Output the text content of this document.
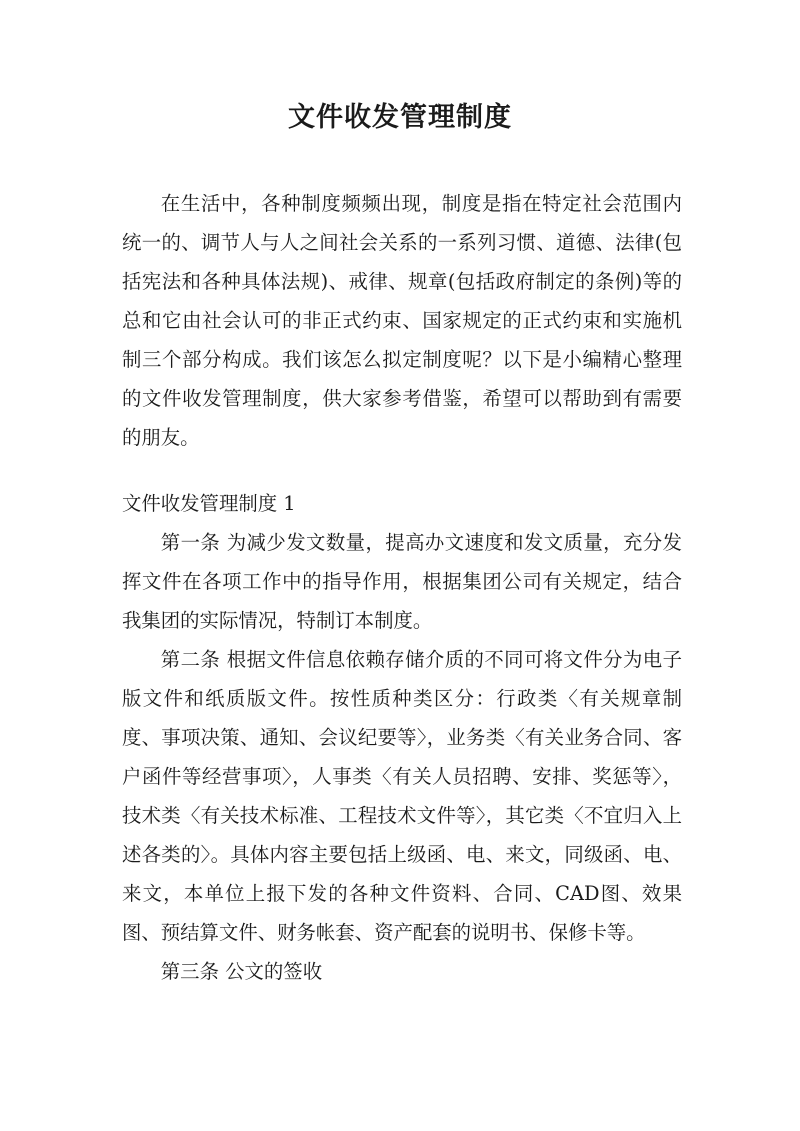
文件收发管理制度

在生活中，各种制度频频出现，制度是指在特定社会范围内统一的、调节人与人之间社会关系的一系列习惯、道德、法律(包括宪法和各种具体法规)、戒律、规章(包括政府制定的条例)等的总和它由社会认可的非正式约束、国家规定的正式约束和实施机制三个部分构成。我们该怎么拟定制度呢？以下是小编精心整理的文件收发管理制度，供大家参考借鉴，希望可以帮助到有需要的朋友。

文件收发管理制度 1

第一条 为减少发文数量，提高办文速度和发文质量，充分发挥文件在各项工作中的指导作用，根据集团公司有关规定，结合我集团的实际情况，特制订本制度。

第二条 根据文件信息依赖存储介质的不同可将文件分为电子版文件和纸质版文件。按性质种类区分：行政类〈有关规章制度、事项决策、通知、会议纪要等〉，业务类〈有关业务合同、客户函件等经营事项〉，人事类〈有关人员招聘、安排、奖惩等〉，技术类〈有关技术标准、工程技术文件等〉，其它类〈不宜归入上述各类的〉。具体内容主要包括上级函、电、来文，同级函、电、来文，本单位上报下发的各种文件资料、合同、CAD图、效果图、预结算文件、财务帐套、资产配套的说明书、保修卡等。

第三条 公文的签收
